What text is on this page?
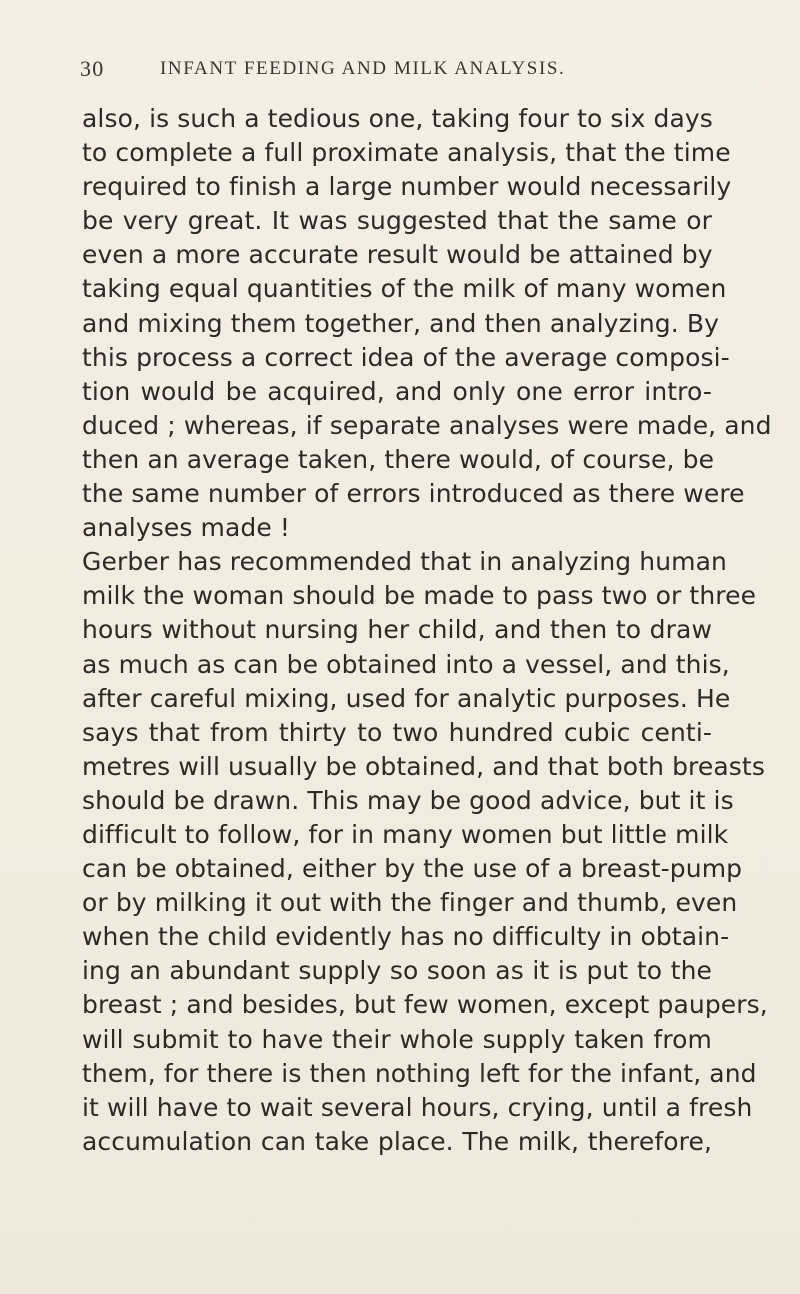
30	INFANT FEEDING AND MILK ANALYSIS.
also, is such a tedious one, taking four to six days
to complete a full proximate analysis, that the time
required to finish a large number would necessarily
be very great. It was suggested that the same or
even a more accurate result would be attained by
taking equal quantities of the milk of many women
and mixing them together, and then analyzing. By
this process a correct idea of the average composi-
tion would be acquired, and only one error intro-
duced ; whereas, if separate analyses were made, and
then an average taken, there would, of course, be
the same number of errors introduced as there were
analyses made !
Gerber has recommended that in analyzing human
milk the woman should be made to pass two or three
hours without nursing her child, and then to draw
as much as can be obtained into a vessel, and this,
after careful mixing, used for analytic purposes. He
says that from thirty to two hundred cubic centi-
metres will usually be obtained, and that both breasts
should be drawn. This may be good advice, but it is
difficult to follow, for in many women but little milk
can be obtained, either by the use of a breast-pump
or by milking it out with the finger and thumb, even
when the child evidently has no difficulty in obtain-
ing an abundant supply so soon as it is put to the
breast ; and besides, but few women, except paupers,
will submit to have their whole supply taken from
them, for there is then nothing left for the infant, and
it will have to wait several hours, crying, until a fresh
accumulation can take place. The milk, therefore,
